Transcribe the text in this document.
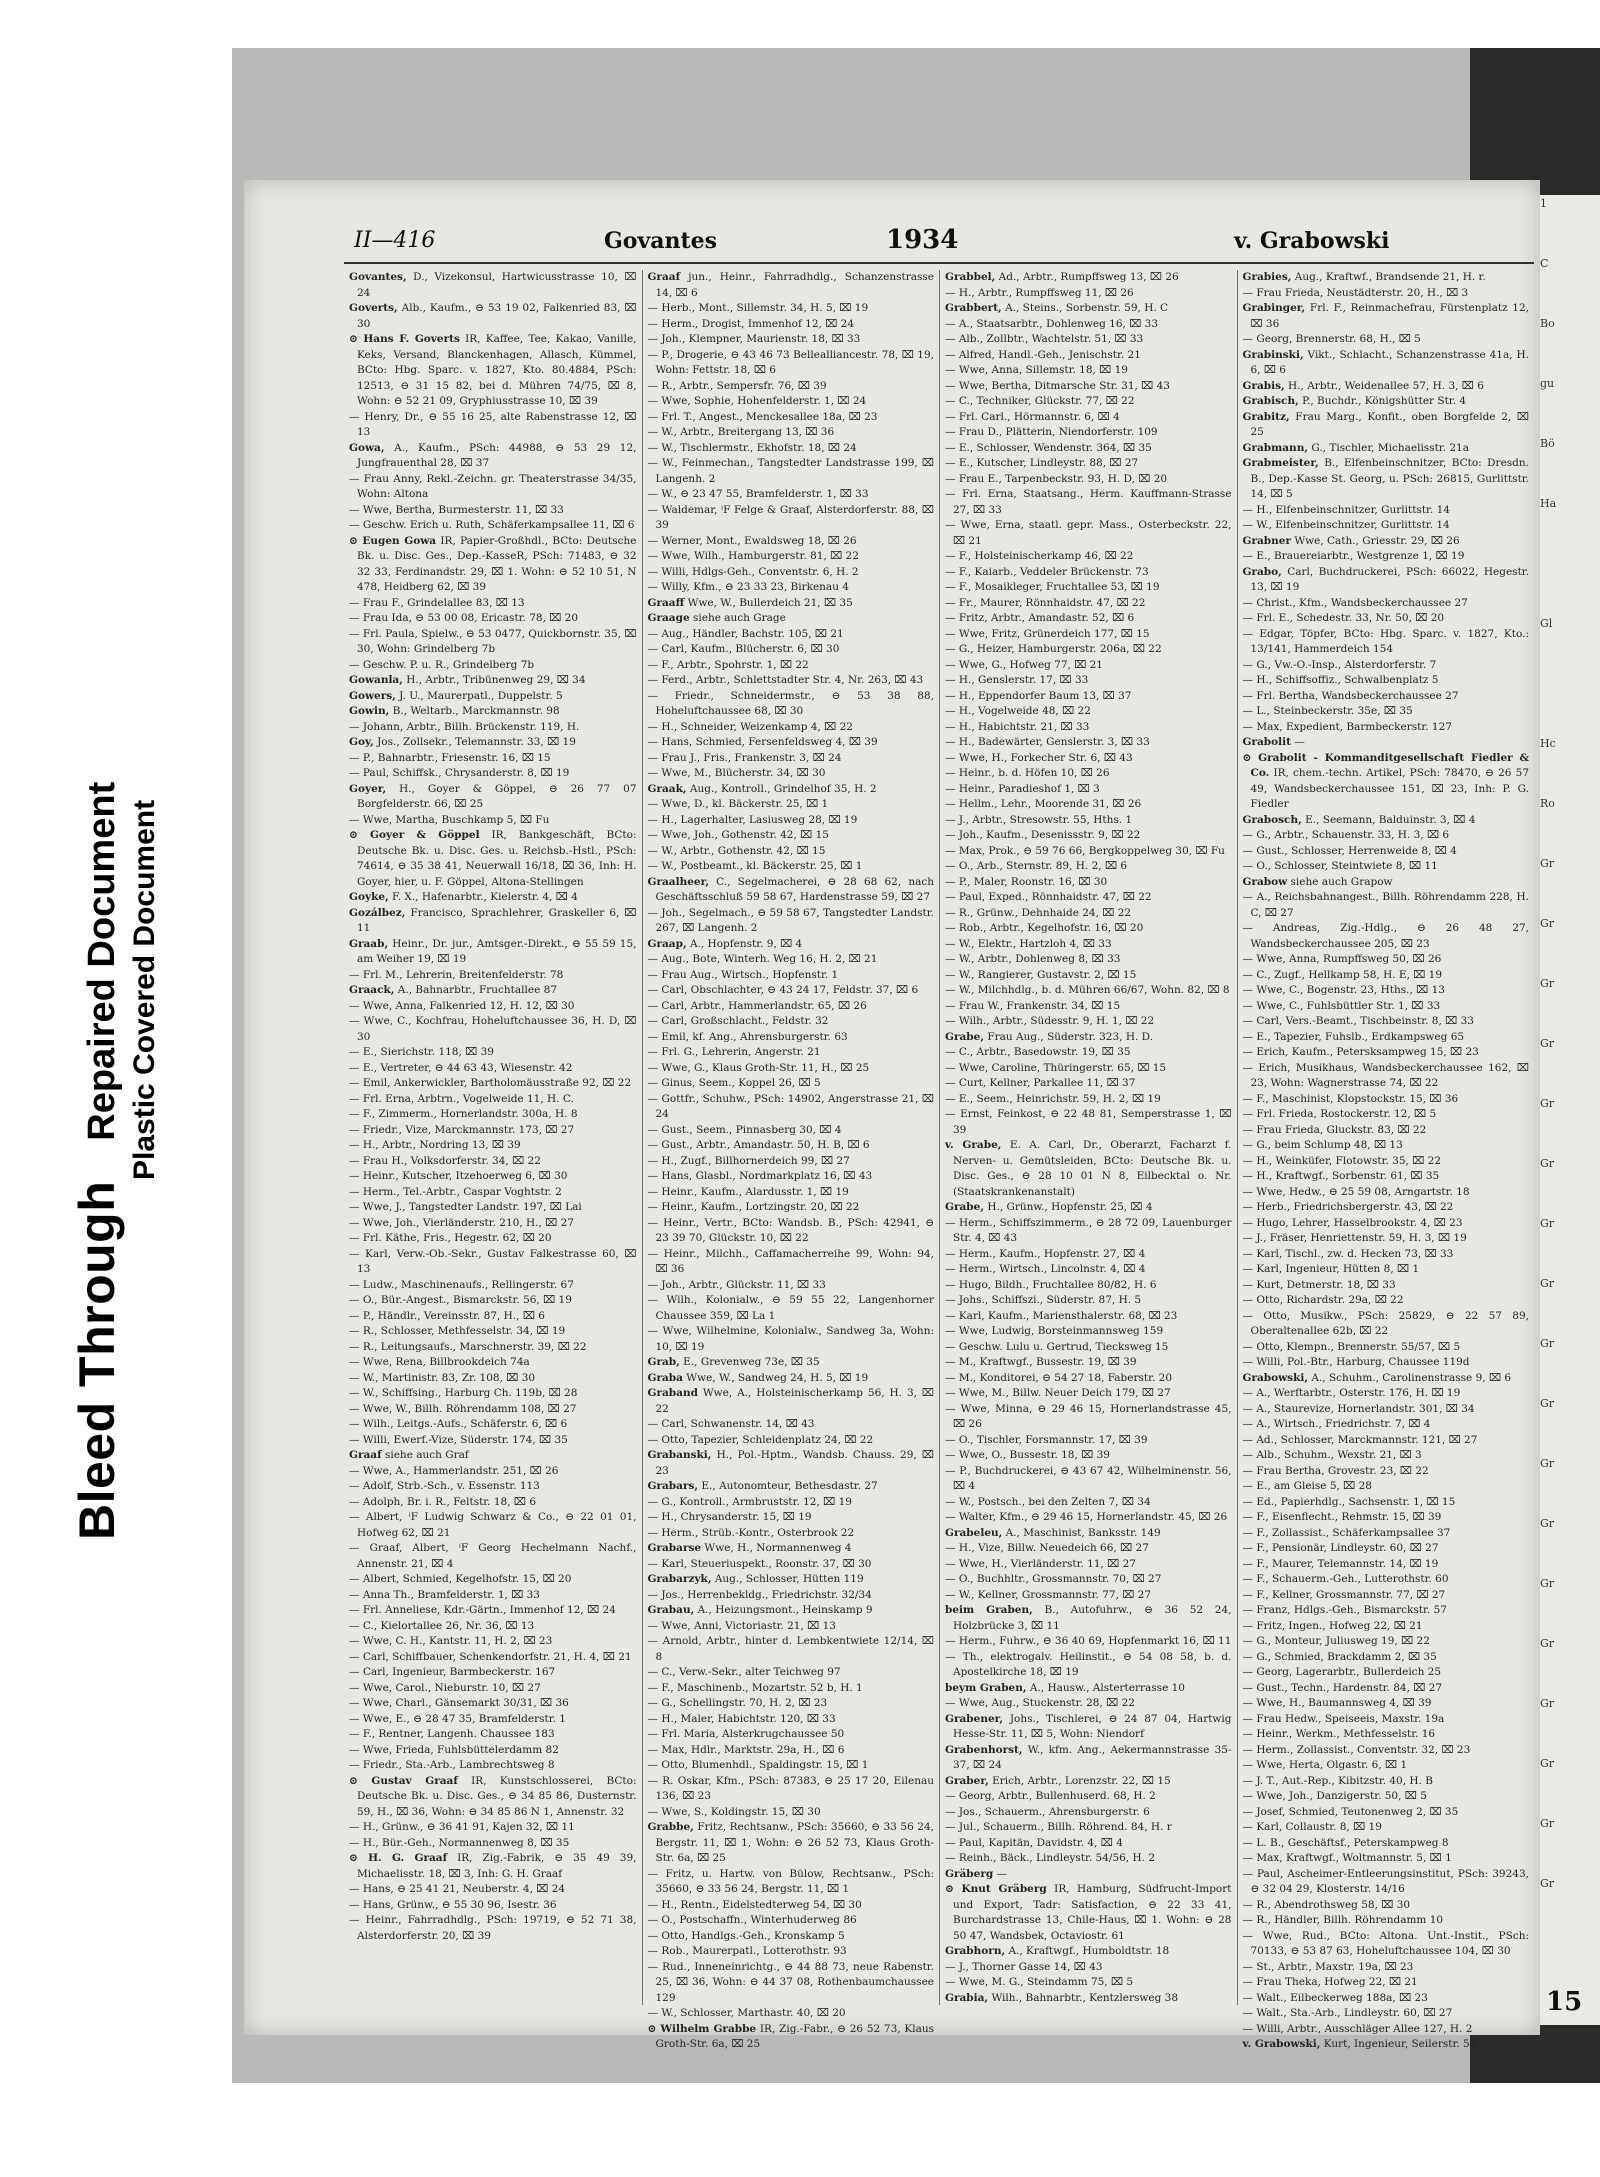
Bleed Through
Repaired Document Plastic Covered Document
1
C
Bo
gu
Bö
Ha
Gl
Hc
Ro
Gr
Gr
Gr
Gr
Gr
Gr
Gr
Gr
Gr
Gr
Gr
Gr
Gr
Gr
Gr
Gr
Gr
Gr
15
II—416	Govantes	1934	v. Grabowski

Govantes, D., Vizekonsul, Hartwicusstrasse 10, ⌧ 24

Goverts, Alb., Kaufm., ⊖ 53 19 02, Falkenried 83, ⌧ 30

⊙ Hans F. Goverts IR, Kaffee, Tee, Kakao, Vanille, Keks, Versand, Blanckenhagen, Allasch, Kümmel, BCto: Hbg. Sparc. v. 1827, Kto. 80.4884, PSch: 12513, ⊖ 31 15 82, bei d. Mühren 74/75, ⌧ 8, Wohn: ⊖ 52 21 09, Gryphiusstrasse 10, ⌧ 39

— Henry, Dr., ⊖ 55 16 25, alte Rabenstrasse 12, ⌧ 13

Gowa, A., Kaufm., PSch: 44988, ⊖ 53 29 12, Jungfrauenthal 28, ⌧ 37

— Frau Anny, Rekl.-Zeichn. gr. Theaterstrasse 34/35, Wohn: Altona

— Wwe, Bertha, Burmesterstr. 11, ⌧ 33

— Geschw. Erich u. Ruth, Schäferkampsallee 11, ⌧ 6

⊙ Eugen Gowa IR, Papier-Großhdl., BCto: Deutsche Bk. u. Disc. Ges., Dep.-KasseR, PSch: 71483, ⊖ 32 32 33, Ferdinandstr. 29, ⌧ 1. Wohn: ⊖ 52 10 51, N 478, Heidberg 62, ⌧ 39

— Frau F., Grindelallee 83, ⌧ 13

— Frau Ida, ⊖ 53 00 08, Ericastr. 78, ⌧ 20

— Frl. Paula, Spielw., ⊖ 53 0477, Quickbornstr. 35, ⌧ 30, Wohn: Grindelberg 7b

— Geschw. P. u. R., Grindelberg 7b

Gowanla, H., Arbtr., Tribünenweg 29, ⌧ 34

Gowers, J. U., Maurerpatl., Duppelstr. 5

Gowin, B., Weltarb., Marckmannstr. 98

— Johann, Arbtr., Billh. Brückenstr. 119, H.

Goy, Jos., Zollsekr., Telemannstr. 33, ⌧ 19

— P., Bahnarbtr., Friesenstr. 16, ⌧ 15

— Paul, Schiffsk., Chrysanderstr. 8, ⌧ 19

Goyer, H., Goyer & Göppel, ⊖ 26 77 07 Borgfelderstr. 66, ⌧ 25

— Wwe, Martha, Buschkamp 5, ⌧ Fu

⊙ Goyer & Göppel IR, Bankgeschäft, BCto: Deutsche Bk. u. Disc. Ges. u. Reichsb.-Hstl., PSch: 74614, ⊖ 35 38 41, Neuerwall 16/18, ⌧ 36, Inh: H. Goyer, hier, u. F. Göppel, Altona-Stellingen

Goyke, F. X., Hafenarbtr., Kielerstr. 4, ⌧ 4

Gozálbez, Francisco, Sprachlehrer, Graskeller 6, ⌧ 11

Graab, Heinr., Dr. jur., Amtsger.-Direkt., ⊖ 55 59 15, am Weiher 19, ⌧ 19

— Frl. M., Lehrerin, Breitenfelderstr. 78

Graack, A., Bahnarbtr., Fruchtallee 87

— Wwe, Anna, Falkenried 12, H. 12, ⌧ 30

— Wwe, C., Kochfrau, Hoheluftchaussee 36, H. D, ⌧ 30

— E., Sierichstr. 118, ⌧ 39

— E., Vertreter, ⊖ 44 63 43, Wiesenstr. 42

— Emil, Ankerwickler, Bartholomäusstraße 92, ⌧ 22

— Frl. Erna, Arbtrn., Vogelweide 11, H. C.

— F., Zimmerm., Hornerlandstr. 300a, H. 8

— Friedr., Vize, Marckmannstr. 173, ⌧ 27

— H., Arbtr., Nordring 13, ⌧ 39

— Frau H., Volksdorferstr. 34, ⌧ 22

— Heinr., Kutscher, Itzehoerweg 6, ⌧ 30

— Herm., Tel.-Arbtr., Caspar Voghtstr. 2

— Wwe, J., Tangstedter Landstr. 197, ⌧ Lai

— Wwe, Joh., Vierländerstr. 210, H., ⌧ 27

— Frl. Käthe, Fris., Hegestr. 62, ⌧ 20

— Karl, Verw.-Ob.-Sekr., Gustav Falkestrasse 60, ⌧ 13

— Ludw., Maschinenaufs., Rellingerstr. 67

— O., Bür.-Angest., Bismarckstr. 56, ⌧ 19

— P., Händlr., Vereinsstr. 87, H., ⌧ 6

— R., Schlosser, Methfesselstr. 34, ⌧ 19

— R., Leitungsaufs., Marschnerstr. 39, ⌧ 22

— Wwe, Rena, Billbrookdeich 74a

— W., Martinistr. 83, Zr. 108, ⌧ 30

— W., Schiffsing., Harburg Ch. 119b, ⌧ 28

— Wwe, W., Billh. Röhrendamm 108, ⌧ 27

— Wilh., Leitgs.-Aufs., Schäferstr. 6, ⌧ 6

— Willi, Ewerf.-Vize, Süderstr. 174, ⌧ 35

Graaf siehe auch Graf

— Wwe, A., Hammerlandstr. 251, ⌧ 26

— Adolf, Strb.-Sch., v. Essenstr. 113

— Adolph, Br. i. R., Feltstr. 18, ⌧ 6

— Albert, ⁱF Ludwig Schwarz & Co., ⊖ 22 01 01, Hofweg 62, ⌧ 21

— Graaf, Albert, ⁱF Georg Hechelmann Nachf., Annenstr. 21, ⌧ 4

— Albert, Schmied, Kegelhofstr. 15, ⌧ 20

— Anna Th., Bramfelderstr. 1, ⌧ 33

— Frl. Anneliese, Kdr.-Gärtn., Immenhof 12, ⌧ 24

— C., Kielortallee 26, Nr. 36, ⌧ 13

— Wwe, C. H., Kantstr. 11, H. 2, ⌧ 23

— Carl, Schiffbauer, Schenkendorfstr. 21, H. 4, ⌧ 21

— Carl, Ingenieur, Barmbeckerstr. 167

— Wwe, Carol., Nieburstr. 10, ⌧ 27

— Wwe, Charl., Gänsemarkt 30/31, ⌧ 36

— Wwe, E., ⊖ 28 47 35, Bramfelderstr. 1

— F., Rentner, Langenh. Chaussee 183

— Wwe, Frieda, Fuhlsbüttelerdamm 82

— Friedr., Sta.-Arb., Lambrechtsweg 8

⊙ Gustav Graaf IR, Kunstschlosserei, BCto: Deutsche Bk. u. Disc. Ges., ⊖ 34 85 86, Dusternstr. 59, H., ⌧ 36, Wohn: ⊖ 34 85 86 N 1, Annenstr. 32

— H., Grünw., ⊖ 36 41 91, Kajen 32, ⌧ 11

— H., Bür.-Geh., Normannenweg 8, ⌧ 35

⊙ H. G. Graaf IR, Zig.-Fabrik, ⊖ 35 49 39, Michaelisstr. 18, ⌧ 3, Inh: G. H. Graaf

— Hans, ⊖ 25 41 21, Neuberstr. 4, ⌧ 24

— Hans, Grünw., ⊖ 55 30 96, Isestr. 36

— Heinr., Fahrradhdlg., PSch: 19719, ⊖ 52 71 38, Alsterdorferstr. 20, ⌧ 39

Graaf jun., Heinr., Fahrradhdlg., Schanzenstrasse 14, ⌧ 6

— Herb., Mont., Sillemstr. 34, H. 5, ⌧ 19

— Herm., Drogist, Immenhof 12, ⌧ 24

— Joh., Klempner, Maurienstr. 18, ⌧ 33

— P., Drogerie, ⊖ 43 46 73 Bellealliancestr. 78, ⌧ 19, Wohn: Fettstr. 18, ⌧ 6

— R., Arbtr., Sempersfr. 76, ⌧ 39

— Wwe, Sophie, Hohenfelderstr. 1, ⌧ 24

— Frl. T., Angest., Menckesallee 18a, ⌧ 23

— W., Arbtr., Breitergang 13, ⌧ 36

— W., Tischlermstr., Ekhofstr. 18, ⌧ 24

— W., Feinmechan., Tangstedter Landstrasse 199, ⌧ Langenh. 2

— W., ⊖ 23 47 55, Bramfelderstr. 1, ⌧ 33

— Waldemar, ⁱF Felge & Graaf, Alsterdorferstr. 88, ⌧ 39

— Werner, Mont., Ewaldsweg 18, ⌧ 26

— Wwe, Wilh., Hamburgerstr. 81, ⌧ 22

— Willi, Hdlgs-Geh., Conventstr. 6, H. 2

— Willy, Kfm., ⊖ 23 33 23, Birkenau 4

Graaff Wwe, W., Bullerdeich 21, ⌧ 35

Graage siehe auch Grage

— Aug., Händler, Bachstr. 105, ⌧ 21

— Carl, Kaufm., Blücherstr. 6, ⌧ 30

— F., Arbtr., Spohrstr. 1, ⌧ 22

— Ferd., Arbtr., Schlettstadter Str. 4, Nr. 263, ⌧ 43

— Friedr., Schneidermstr., ⊖ 53 38 88, Hoheluftchaussee 68, ⌧ 30

— H., Schneider, Weizenkamp 4, ⌧ 22

— Hans, Schmied, Fersenfeldsweg 4, ⌧ 39

— Frau J., Fris., Frankenstr. 3, ⌧ 24

— Wwe, M., Blücherstr. 34, ⌧ 30

Graak, Aug., Kontroll., Grindelhof 35, H. 2

— Wwe, D., kl. Bäckerstr. 25, ⌧ 1

— H., Lagerhalter, Lasiusweg 28, ⌧ 19

— Wwe, Joh., Gothenstr. 42, ⌧ 15

— W., Arbtr., Gothenstr. 42, ⌧ 15

— W., Postbeamt., kl. Bäckerstr. 25, ⌧ 1

Graalheer, C., Segelmacherei, ⊖ 28 68 62, nach Geschäftsschluß 59 58 67, Hardenstrasse 59, ⌧ 27

— Joh., Segelmach., ⊖ 59 58 67, Tangstedter Landstr. 267, ⌧ Langenh. 2

Graap, A., Hopfenstr. 9, ⌧ 4

— Aug., Bote, Winterh. Weg 16, H. 2, ⌧ 21

— Frau Aug., Wirtsch., Hopfenstr. 1

— Carl, Obschlachter, ⊖ 43 24 17, Feldstr. 37, ⌧ 6

— Carl, Arbtr., Hammerlandstr. 65, ⌧ 26

— Carl, Großschlacht., Feldstr. 32

— Emil, kf. Ang., Ahrensburgerstr. 63

— Frl. G., Lehrerin, Angerstr. 21

— Wwe, G., Klaus Groth-Str. 11, H., ⌧ 25

— Ginus, Seem., Koppel 26, ⌧ 5

— Gottfr., Schuhw., PSch: 14902, Angerstrasse 21, ⌧ 24

— Gust., Seem., Pinnasberg 30, ⌧ 4

— Gust., Arbtr., Amandastr. 50, H. B, ⌧ 6

— H., Zugf., Billhornerdeich 99, ⌧ 27

— Hans, Glasbl., Nordmarkplatz 16, ⌧ 43

— Heinr., Kaufm., Alardusstr. 1, ⌧ 19

— Heinr., Kaufm., Lortzingstr. 20, ⌧ 22

— Heinr., Vertr., BCto: Wandsb. B., PSch: 42941, ⊖ 23 39 70, Glückstr. 10, ⌧ 22

— Heinr., Milchh., Caffamacherreihe 99, Wohn: 94, ⌧ 36

— Joh., Arbtr., Glückstr. 11, ⌧ 33

— Wilh., Kolonialw., ⊖ 59 55 22, Langenhorner Chaussee 359, ⌧ La 1

— Wwe, Wilhelmine, Kolonialw., Sandweg 3a, Wohn: 10, ⌧ 19

Grab, E., Grevenweg 73e, ⌧ 35

Graba Wwe, W., Sandweg 24, H. 5, ⌧ 19

Graband Wwe, A., Holsteinischerkamp 56, H. 3, ⌧ 22

— Carl, Schwanenstr. 14, ⌧ 43

— Otto, Tapezier, Schleidenplatz 24, ⌧ 22

Grabanski, H., Pol.-Hptm., Wandsb. Chauss. 29, ⌧ 23

Grabars, E., Autonomteur, Bethesdastr. 27

— G., Kontroll., Armbruststr. 12, ⌧ 19

— H., Chrysanderstr. 15, ⌧ 19

— Herm., Strüb.-Kontr., Osterbrook 22

Grabarse Wwe, H., Normannenweg 4

— Karl, Steueriuspekt., Roonstr. 37, ⌧ 30

Grabarzyk, Aug., Schlosser, Hütten 119

— Jos., Herrenbekldg., Friedrichstr. 32/34

Grabau, A., Heizungsmont., Heinskamp 9

— Wwe, Anni, Victoriastr. 21, ⌧ 13

— Arnold, Arbtr., hinter d. Lembkentwiete 12/14, ⌧ 8

— C., Verw.-Sekr., alter Teichweg 97

— F., Maschinenb., Mozartstr. 52 b, H. 1

— G., Schellingstr. 70, H. 2, ⌧ 23

— H., Maler, Habichtstr. 120, ⌧ 33

— Frl. Maria, Alsterkrugchaussee 50

— Max, Hdlr., Marktstr. 29a, H., ⌧ 6

— Otto, Blumenhdl., Spaldingstr. 15, ⌧ 1

— R. Oskar, Kfm., PSch: 87383, ⊖ 25 17 20, Eilenau 136, ⌧ 23

— Wwe, S., Koldingstr. 15, ⌧ 30

Grabbe, Fritz, Rechtsanw., PSch: 35660, ⊖ 33 56 24, Bergstr. 11, ⌧ 1, Wohn: ⊖ 26 52 73, Klaus Groth-Str. 6a, ⌧ 25

— Fritz, u. Hartw. von Bülow, Rechtsanw., PSch: 35660, ⊖ 33 56 24, Bergstr. 11, ⌧ 1

— H., Rentn., Eidelstedterweg 54, ⌧ 30

— O., Postschaffn., Winterhuderweg 86

— Otto, Handlgs.-Geh., Kronskamp 5

— Rob., Maurerpatl., Lotterothstr. 93

— Rud., Inneneinrichtg., ⊖ 44 88 73, neue Rabenstr. 25, ⌧ 36, Wohn: ⊖ 44 37 08, Rothenbaumchaussee 129

— W., Schlosser, Marthastr. 40, ⌧ 20

⊙ Wilhelm Grabbe IR, Zig.-Fabr., ⊖ 26 52 73, Klaus Groth-Str. 6a, ⌧ 25

Grabbel, Ad., Arbtr., Rumpffsweg 13, ⌧ 26

— H., Arbtr., Rumpffsweg 11, ⌧ 26

Grabbert, A., Steins., Sorbenstr. 59, H. C

— A., Staatsarbtr., Dohlenweg 16, ⌧ 33

— Alb., Zollbtr., Wachtelstr. 51, ⌧ 33

— Alfred, Handl.-Geh., Jenischstr. 21

— Wwe, Anna, Sillemstr. 18, ⌧ 19

— Wwe, Bertha, Ditmarsche Str. 31, ⌧ 43

— C., Techniker, Glückstr. 77, ⌧ 22

— Frl. Carl., Hörmannstr. 6, ⌧ 4

— Frau D., Plätterin, Niendorferstr. 109

— E., Schlosser, Wendenstr. 364, ⌧ 35

— E., Kutscher, Lindleystr. 88, ⌧ 27

— Frau E., Tarpenbeckstr. 93, H. D, ⌧ 20

— Frl. Erna, Staatsang., Herm. Kauffmann-Strasse 27, ⌧ 33

— Wwe, Erna, staatl. gepr. Mass., Osterbeckstr. 22, ⌧ 21

— F., Holsteinischerkamp 46, ⌧ 22

— F., Kaiarb., Veddeler Brückenstr. 73

— F., Mosaiklеger, Fruchtallee 53, ⌧ 19

— Fr., Maurer, Rönnhaidstr. 47, ⌧ 22

— Fritz, Arbtr., Amandastr. 52, ⌧ 6

— Wwe, Fritz, Grünerdeich 177, ⌧ 15

— G., Heizer, Hamburgerstr. 206a, ⌧ 22

— Wwe, G., Hofweg 77, ⌧ 21

— H., Genslerstr. 17, ⌧ 33

— H., Eppendorfer Baum 13, ⌧ 37

— H., Vogelweide 48, ⌧ 22

— H., Habichtstr. 21, ⌧ 33

— H., Badewärter, Genslerstr. 3, ⌧ 33

— Wwe, H., Forkecher Str. 6, ⌧ 43

— Heinr., b. d. Höfen 10, ⌧ 26

— Heinr., Paradieshof 1, ⌧ 3

— Hellm., Lehr., Moorende 31, ⌧ 26

— J., Arbtr., Stresowstr. 55, Hths. 1

— Joh., Kaufm., Desenissstr. 9, ⌧ 22

— Max, Prok., ⊖ 59 76 66, Bergkoppelweg 30, ⌧ Fu

— O., Arb., Sternstr. 89, H. 2, ⌧ 6

— P., Maler, Roonstr. 16, ⌧ 30

— Paul, Exped., Rönnhaidstr. 47, ⌧ 22

— R., Grünw., Dehnhaide 24, ⌧ 22

— Rob., Arbtr., Kegelhofstr. 16, ⌧ 20

— W., Elektr., Hartzloh 4, ⌧ 33

— W., Arbtr., Dohlenweg 8, ⌧ 33

— W., Rangierer, Gustavstr. 2, ⌧ 15

— W., Milchhdlg., b. d. Mühren 66/67, Wohn. 82, ⌧ 8

— Frau W., Frankenstr. 34, ⌧ 15

— Wilh., Arbtr., Südesstr. 9, H. 1, ⌧ 22

Grabe, Frau Aug., Süderstr. 323, H. D.

— C., Arbtr., Basedowstr. 19, ⌧ 35

— Wwe, Caroline, Thüringerstr. 65, ⌧ 15

— Curt, Kellner, Parkallee 11, ⌧ 37

— E., Seem., Heinrichstr. 59, H. 2, ⌧ 19

— Ernst, Feinkost, ⊖ 22 48 81, Semperstrasse 1, ⌧ 39

v. Grabe, E. A. Carl, Dr., Oberarzt, Facharzt f. Nerven- u. Gemütsleiden, BCto: Deutsche Bk. u. Disc. Ges., ⊖ 28 10 01 N 8, Eilbecktal o. Nr. (Staatskrankenanstalt)

Grabe, H., Grünw., Hopfenstr. 25, ⌧ 4

— Herm., Schiffszimmerm., ⊖ 28 72 09, Lauenburger Str. 4, ⌧ 43

— Herm., Kaufm., Hopfenstr. 27, ⌧ 4

— Herm., Wirtsch., Lincolnstr. 4, ⌧ 4

— Hugo, Bildh., Fruchtallee 80/82, H. 6

— Johs., Schiffszi., Süderstr. 87, H. 5

— Karl, Kaufm., Mariensthalerstr. 68, ⌧ 23

— Wwe, Ludwig, Borsteinmannsweg 159

— Geschw. Lulu u. Gertrud, Tiecksweg 15

— M., Kraftwgf., Bussestr. 19, ⌧ 39

— M., Konditorei, ⊖ 54 27 18, Faberstr. 20

— Wwe, M., Billw. Neuer Deich 179, ⌧ 27

— Wwe, Minna, ⊖ 29 46 15, Hornerlandstrasse 45, ⌧ 26

— O., Tischler, Forsmannstr. 17, ⌧ 39

— Wwe, O., Bussestr. 18, ⌧ 39

— P., Buchdruckerei, ⊖ 43 67 42, Wilhelminenstr. 56, ⌧ 4

— W., Postsch., bei den Zelten 7, ⌧ 34

— Walter, Kfm., ⊖ 29 46 15, Hornerlandstr. 45, ⌧ 26

Grabeleu, A., Maschinist, Banksstr. 149

— H., Vize, Billw. Neuedeich 66, ⌧ 27

— Wwe, H., Vierländerstr. 11, ⌧ 27

— O., Buchhltr., Grossmannstr. 70, ⌧ 27

— W., Kellner, Grossmannstr. 77, ⌧ 27

beim Graben, B., Autofuhrw., ⊖ 36 52 24, Holzbrücke 3, ⌧ 11

— Herm., Fuhrw., ⊖ 36 40 69, Hopfenmarkt 16, ⌧ 11

— Th., elektrogalv. Heilinstit., ⊖ 54 08 58, b. d. Apostelkirche 18, ⌧ 19

beym Graben, A., Hausw., Alsterterrasse 10

— Wwe, Aug., Stuckenstr. 28, ⌧ 22

Grabener, Johs., Tischlerei, ⊖ 24 87 04, Hartwig Hesse-Str. 11, ⌧ 5, Wohn: Niendorf

Grabenhorst, W., kfm. Ang., Aekermannstrasse 35-37, ⌧ 24

Graber, Erich, Arbtr., Lorenzstr. 22, ⌧ 15

— Georg, Arbtr., Bullenhuserd. 68, H. 2

— Jos., Schauerm., Ahrensburgerstr. 6

— Jul., Schauerm., Billh. Röhrend. 84, H. r

— Paul, Kapitän, Davidstr. 4, ⌧ 4

— Reinh., Bäck., Lindleystr. 54/56, H. 2

Gräberg —

⊙ Knut Gräberg IR, Hamburg, Südfrucht-Import und Export, Tadr: Satisfaction, ⊖ 22 33 41, Burchardstrasse 13, Chile-Haus, ⌧ 1. Wohn: ⊖ 28 50 47, Wandsbek, Octaviostr. 61

Grabhorn, A., Kraftwgf., Humboldtstr. 18

— J., Thorner Gasse 14, ⌧ 43

— Wwe, M. G., Steindamm 75, ⌧ 5

Grabia, Wilh., Bahnarbtr., Kentzlersweg 38

Grabies, Aug., Kraftwf., Brandsende 21, H. r.

— Frau Frieda, Neustädterstr. 20, H., ⌧ 3

Grabinger, Frl. F., Reinmachefrau, Fürstenplatz 12, ⌧ 36

— Georg, Brennerstr. 68, H., ⌧ 5

Grabinski, Vikt., Schlacht., Schanzenstrasse 41a, H. 6, ⌧ 6

Grabis, H., Arbtr., Weidenallee 57, H. 3, ⌧ 6

Grabisch, P., Buchdr., Königshütter Str. 4

Grabitz, Frau Marg., Konfit., oben Borgfelde 2, ⌧ 25

Grabmann, G., Tischler, Michaelisstr. 21a

Grabmeister, B., Elfenbeinschnitzer, BCto: Dresdn. B., Dep.-Kasse St. Georg, u. PSch: 26815, Gurlittstr. 14, ⌧ 5

— H., Elfenbeinschnitzer, Gurlittstr. 14

— W., Elfenbeinschnitzer, Gurlittstr. 14

Grabner Wwe, Cath., Griesstr. 29, ⌧ 26

— E., Brauereiarbtr., Westgrenze 1, ⌧ 19

Grabo, Carl, Buchdruckerei, PSch: 66022, Hegestr. 13, ⌧ 19

— Christ., Kfm., Wandsbeckerchaussee 27

— Frl. E., Schedestr. 33, Nr. 50, ⌧ 20

— Edgar, Töpfer, BCto: Hbg. Sparc. v. 1827, Kto.: 13/141, Hammerdeich 154

— G., Vw.-O.-Insp., Alsterdorferstr. 7

— H., Schiffsoffiz., Schwalbenplatz 5

— Frl. Bertha, Wandsbeckerchaussee 27

— L., Steinbeckerstr. 35e, ⌧ 35

— Max, Expedient, Barmbeckerstr. 127

Grabolit —

⊙ Grabolit - Kommanditgesellschaft Fiedler & Co. IR, chem.-techn. Artikel, PSch: 78470, ⊖ 26 57 49, Wandsbeckerchaussee 151, ⌧ 23, Inh: P. G. Fiedler

Grabosch, E., Seemann, Balduinstr. 3, ⌧ 4

— G., Arbtr., Schauenstr. 33, H. 3, ⌧ 6

— Gust., Schlosser, Herrenweide 8, ⌧ 4

— O., Schlosser, Steintwiete 8, ⌧ 11

Grabow siehe auch Grapow

— A., Reichsbahnangest., Billh. Röhrendamm 228, H. C, ⌧ 27

— Andreas, Zig.-Hdlg., ⊖ 26 48 27, Wandsbeckerchaussee 205, ⌧ 23

— Wwe, Anna, Rumpffsweg 50, ⌧ 26

— C., Zugf., Hellkamp 58, H. E, ⌧ 19

— Wwe, C., Bogenstr. 23, Hths., ⌧ 13

— Wwe, C., Fuhlsbüttler Str. 1, ⌧ 33

— Carl, Vers.-Beamt., Tischbeinstr. 8, ⌧ 33

— E., Tapezier, Fuhslb., Erdkampsweg 65

— Erich, Kaufm., Petersksampweg 15, ⌧ 23

— Erich, Musikhaus, Wandsbeckerchaussee 162, ⌧ 23, Wohn: Wagnerstrasse 74, ⌧ 22

— F., Maschinist, Klopstockstr. 15, ⌧ 36

— Frl. Frieda, Rostockerstr. 12, ⌧ 5

— Frau Frieda, Gluckstr. 83, ⌧ 22

— G., beim Schlump 48, ⌧ 13

— H., Weinküfer, Flotowstr. 35, ⌧ 22

— H., Kraftwgf., Sorbenstr. 61, ⌧ 35

— Wwe, Hedw., ⊖ 25 59 08, Arngartstr. 18

— Herb., Friedrichsbergerstr. 43, ⌧ 22

— Hugo, Lehrer, Hasselbrookstr. 4, ⌧ 23

— J., Fräser, Henriettenstr. 59, H. 3, ⌧ 19

— Karl, Tischl., zw. d. Hecken 73, ⌧ 33

— Karl, Ingenieur, Hütten 8, ⌧ 1

— Kurt, Detmerstr. 18, ⌧ 33

— Otto, Richardstr. 29a, ⌧ 22

— Otto, Musikw., PSch: 25829, ⊖ 22 57 89, Oberaltenallee 62b, ⌧ 22

— Otto, Klempn., Brennerstr. 55/57, ⌧ 5

— Willi, Pol.-Btr., Harburg, Chaussee 119d

Grabowski, A., Schuhm., Carolinenstrasse 9, ⌧ 6

— A., Werftarbtr., Osterstr. 176, H. ⌧ 19

— A., Staurevize, Hornerlandstr. 301, ⌧ 34

— A., Wirtsch., Friedrichstr. 7, ⌧ 4

— Ad., Schlosser, Marckmannstr. 121, ⌧ 27

— Alb., Schuhm., Wexstr. 21, ⌧ 3

— Frau Bertha, Grovestr. 23, ⌧ 22

— E., am Gleise 5, ⌧ 28

— Ed., Papierhdlg., Sachsenstr. 1, ⌧ 15

— F., Eisenflecht., Rehmstr. 15, ⌧ 39

— F., Zollassist., Schäferkampsallee 37

— F., Pensionär, Lindleystr. 60, ⌧ 27

— F., Maurer, Telemannstr. 14, ⌧ 19

— F., Schauerm.-Geh., Lutterothstr. 60

— F., Kellner, Grossmannstr. 77, ⌧ 27

— Franz, Hdlgs.-Geh., Bismarckstr. 57

— Fritz, Ingen., Hofweg 22, ⌧ 21

— G., Monteur, Juliusweg 19, ⌧ 22

— G., Schmied, Brackdamm 2, ⌧ 35

— Georg, Lagerarbtr., Bullerdeich 25

— Gust., Techn., Hardenstr. 84, ⌧ 27

— Wwe, H., Baumannsweg 4, ⌧ 39

— Frau Hedw., Speiseeis, Maxstr. 19a

— Heinr., Werkm., Methfesselstr. 16

— Herm., Zollassist., Conventstr. 32, ⌧ 23

— Wwe, Herta, Olgastr. 6, ⌧ 1

— J. T., Aut.-Rep., Kibitzstr. 40, H. B

— Wwe, Joh., Danzigerstr. 50, ⌧ 5

— Josef, Schmied, Teutonenweg 2, ⌧ 35

— Karl, Collaustr. 8, ⌧ 19

— L. B., Geschäftsf., Peterskampweg 8

— Max, Kraftwgf., Woltmannstr. 5, ⌧ 1

— Paul, Ascheimer-Entleerungsinstitut, PSch: 39243, ⊖ 32 04 29, Klosterstr. 14/16

— R., Abendrothsweg 58, ⌧ 30

— R., Händler, Billh. Röhrendamm 10

— Wwe, Rud., BCto: Altona. Unt.-Instit., PSch: 70133, ⊖ 53 87 63, Hoheluftchaussee 104, ⌧ 30

— St., Arbtr., Maxstr. 19a, ⌧ 23

— Frau Theka, Hofweg 22, ⌧ 21

— Walt., Eilbeckerweg 188a, ⌧ 23

— Walt., Sta.-Arb., Lindleystr. 60, ⌧ 27

— Willi, Arbtr., Ausschläger Allee 127, H. 2

v. Grabowski, Kurt, Ingenieur, Seilerstr. 56
